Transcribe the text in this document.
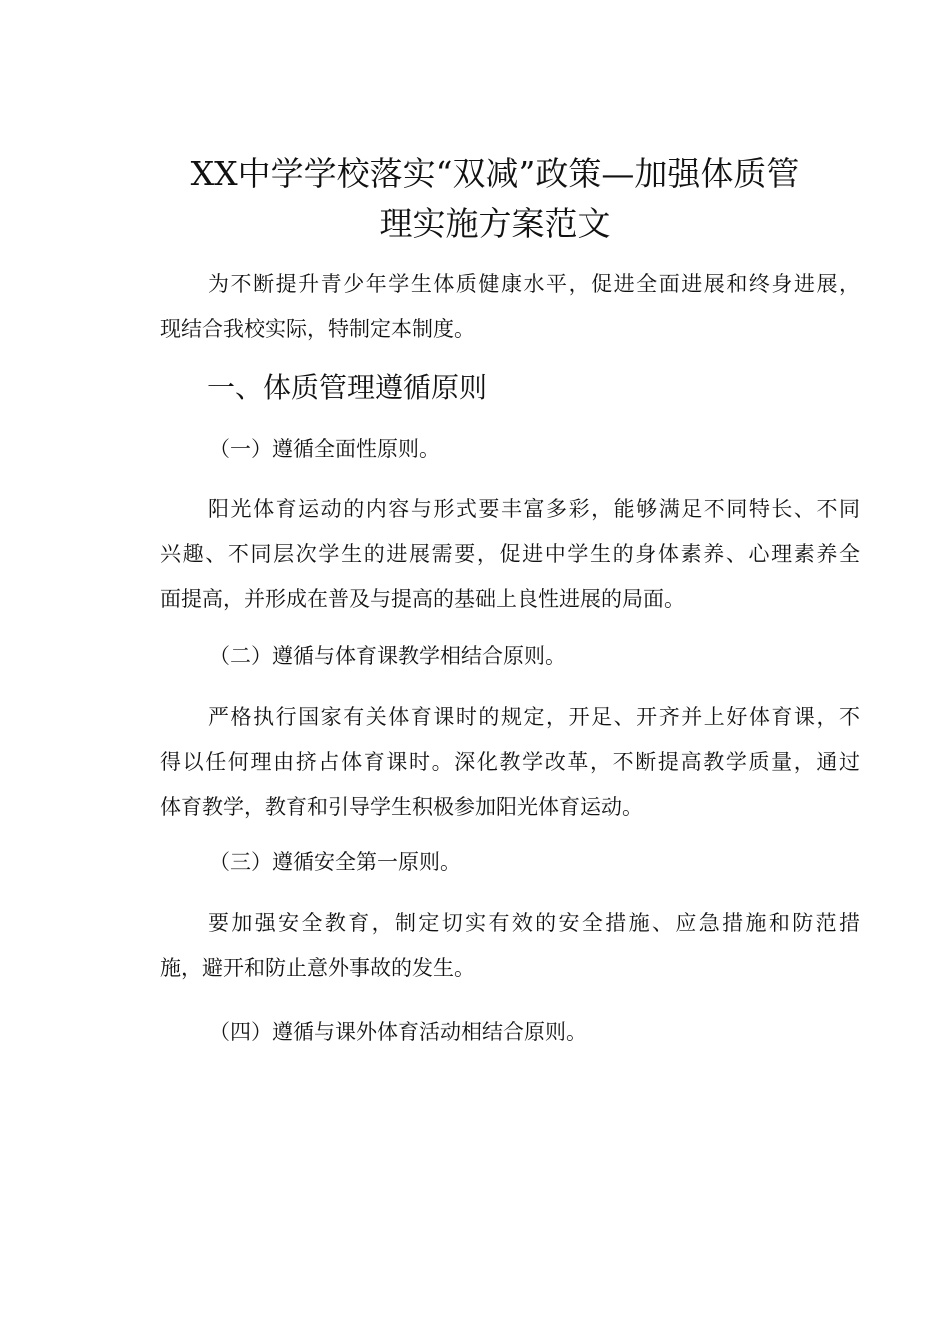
XX中学学校落实“双减”政策—加强体质管
理实施方案范文
为不断提升青少年学生体质健康水平，促进全面进展和终身进展，
现结合我校实际，特制定本制度。
一、体质管理遵循原则
（一）遵循全面性原则。
阳光体育运动的内容与形式要丰富多彩，能够满足不同特长、不同
兴趣、不同层次学生的进展需要，促进中学生的身体素养、心理素养全
面提高，并形成在普及与提高的基础上良性进展的局面。
（二）遵循与体育课教学相结合原则。
严格执行国家有关体育课时的规定，开足、开齐并上好体育课，不
得以任何理由挤占体育课时。深化教学改革，不断提高教学质量，通过
体育教学，教育和引导学生积极参加阳光体育运动。
（三）遵循安全第一原则。
要加强安全教育，制定切实有效的安全措施、应急措施和防范措
施，避开和防止意外事故的发生。
（四）遵循与课外体育活动相结合原则。
